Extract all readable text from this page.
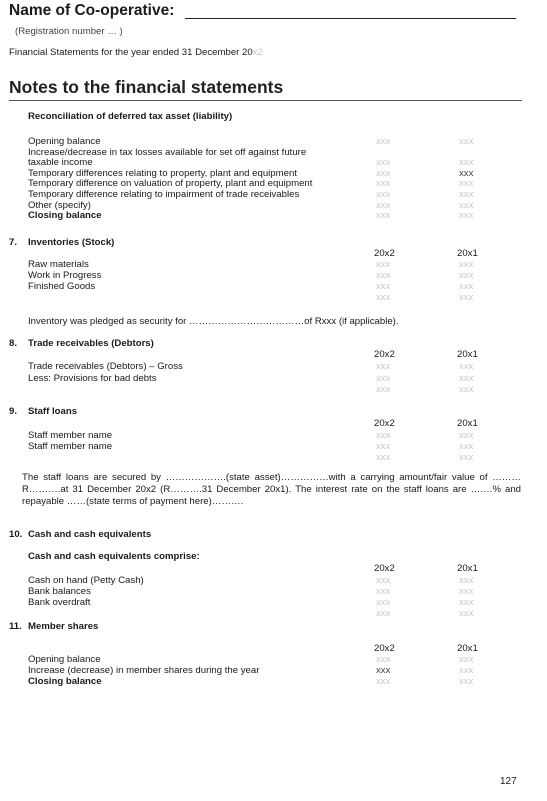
Name of Co-operative:
(Registration number … )
Financial Statements for the year ended 31 December 20x2
Notes to the financial statements
Reconciliation of deferred tax asset (liability)
Opening balance	xxx	xxx
Increase/decrease in tax losses available for set off against future
taxable income	xxx	xxx
Temporary differences relating to property, plant and equipment	xxx	xxx
Temporary difference on valuation of property, plant and equipment	xxx	xxx
Temporary difference relating to impairment of trade receivables	xxx	xxx
Other (specify)	xxx	xxx
Closing balance	xxx	xxx
7. Inventories (Stock)
20x2	20x1
Raw materials	xxx	xxx
Work in Progress	xxx	xxx
Finished Goods	xxx	xxx
xxx	xxx
Inventory was pledged as security for ………………………………of Rxxx (if applicable).
8. Trade receivables (Debtors)
20x2	20x1
Trade receivables (Debtors) – Gross	xxx	xxx
Less: Provisions for bad debts	xxx	xxx
xxx	xxx
9. Staff loans
20x2	20x1
Staff member name	xxx	xxx
Staff member name	xxx	xxx
xxx	xxx
The staff loans are secured by ……………….(state asset)……………with a carrying amount/fair value of ………R……….at 31 December 20x2 (R……….31 December 20x1). The interest rate on the staff loans are …….% and repayable ……(state terms of payment here)……….
10. Cash and cash equivalents
Cash and cash equivalents comprise:
20x2	20x1
Cash on hand (Petty Cash)	xxx	xxx
Bank balances	xxx	xxx
Bank overdraft	xxx	xxx
xxx	xxx
11. Member shares
20x2	20x1
Opening balance	xxx	xxx
Increase (decrease) in member shares during the year	xxx	xxx
Closing balance	xxx	xxx
127
